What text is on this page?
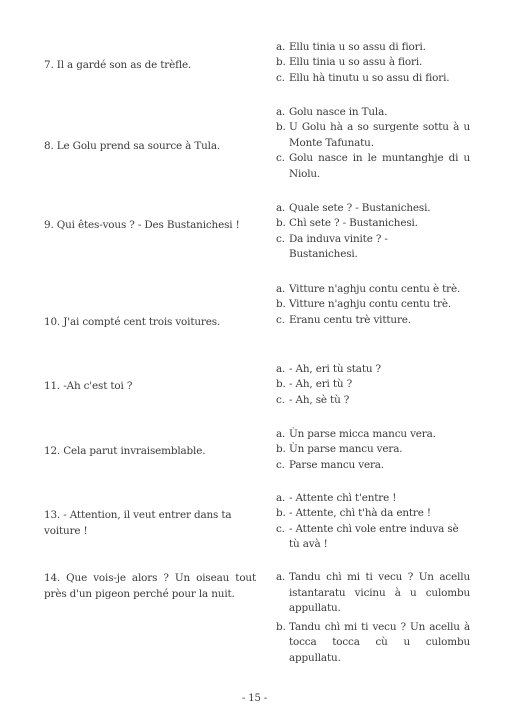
7. Il a gardé son as de trèfle.
a. Ellu tinia u so assu di fiori.
b. Ellu tinia u so assu à fiori.
c. Ellu hà tinutu u so assu di fiori.
8. Le Golu prend sa source à Tula.
a. Golu nasce in Tula.
b. U Golu hà a so surgente sottu à u Monte Tafunatu.
c. Golu nasce in le muntanghje di u Niolu.
9. Qui êtes-vous ? - Des Bustanichesi !
a. Quale sete ? - Bustanichesi.
b. Chì sete ? - Bustanichesi.
c. Da induva vinite ? - Bustanichesi.
10. J'ai compté cent trois voitures.
a. Vitture n'aghju contu centu è trè.
b. Vitture n'aghju contu centu trè.
c. Eranu centu trè vitture.
11. -Ah c'est toi ?
a. - Ah, eri tù statu ?
b. - Ah, eri tù ?
c. - Ah, sè tù ?
12. Cela parut invraisemblable.
a. Ùn parse micca mancu vera.
b. Ùn parse mancu vera.
c. Parse mancu vera.
13. - Attention, il veut entrer dans ta voiture !
a. - Attente chì t'entre !
b. - Attente, chì t'hà da entre !
c. - Attente chì vole entre induva sè tù avà !
14. Que vois-je alors ? Un oiseau tout près d'un pigeon perché pour la nuit.
a. Tandu chì mi ti vecu ? Un acellu istantaratu vicinu à u culombu appullatu.
b. Tandu chì mi ti vecu ? Un acellu à tocca tocca cù u culombu appullatu.
- 15 -
